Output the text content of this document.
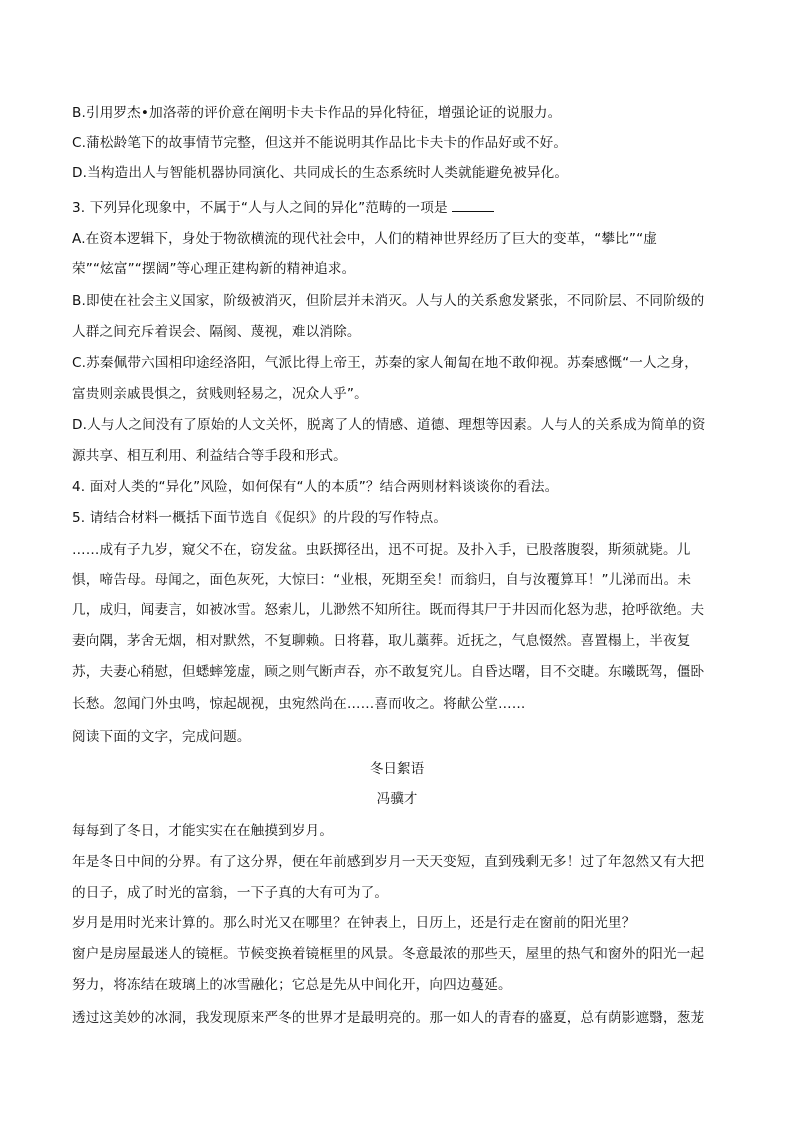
B.引用罗杰•加洛蒂的评价意在阐明卡夫卡作品的异化特征，增强论证的说服力。

C.蒲松龄笔下的故事情节完整，但这并不能说明其作品比卡夫卡的作品好或不好。

D.当构造出人与智能机器协同演化、共同成长的生态系统时人类就能避免被异化。

3. 下列异化现象中，不属于“人与人之间的异化”范畴的一项是

A.在资本逻辑下，身处于物欲横流的现代社会中，人们的精神世界经历了巨大的变革，“攀比”“虚

荣”“炫富”“摆阔”等心理正建构新的精神追求。

B.即使在社会主义国家，阶级被消灭，但阶层并未消灭。人与人的关系愈发紧张，不同阶层、不同阶级的

人群之间充斥着误会、隔阂、蔑视，难以消除。

C.苏秦佩带六国相印途经洛阳，气派比得上帝王，苏秦的家人匍匐在地不敢仰视。苏秦感慨“一人之身，

富贵则亲戚畏惧之，贫贱则轻易之，况众人乎”。

D.人与人之间没有了原始的人文关怀，脱离了人的情感、道德、理想等因素。人与人的关系成为简单的资

源共享、相互利用、利益结合等手段和形式。

4. 面对人类的“异化”风险，如何保有“人的本质”？结合两则材料谈谈你的看法。

5. 请结合材料一概括下面节选自《促织》的片段的写作特点。

……成有子九岁，窥父不在，窃发盆。虫跃掷径出，迅不可捉。及扑入手，已股落腹裂，斯须就毙。儿

惧，啼告母。母闻之，面色灰死，大惊曰：“业根，死期至矣！而翁归，自与汝覆算耳！”儿涕而出。未

几，成归，闻妻言，如被冰雪。怒索儿，儿渺然不知所往。既而得其尸于井因而化怒为悲，抢呼欲绝。夫

妻向隅，茅舍无烟，相对默然，不复聊赖。日将暮，取儿藁葬。近抚之，气息惙然。喜置榻上，半夜复

苏，夫妻心稍慰，但蟋蟀笼虚，顾之则气断声吞，亦不敢复究儿。自昏达曙，目不交睫。东曦既驾，僵卧

长愁。忽闻门外虫鸣，惊起觇视，虫宛然尚在……喜而收之。将献公堂……

阅读下面的文字，完成问题。

冬日絮语

冯骥才

每每到了冬日，才能实实在在触摸到岁月。

年是冬日中间的分界。有了这分界，便在年前感到岁月一天天变短，直到残剩无多！过了年忽然又有大把

的日子，成了时光的富翁，一下子真的大有可为了。

岁月是用时光来计算的。那么时光又在哪里？在钟表上，日历上，还是行走在窗前的阳光里？

窗户是房屋最迷人的镜框。节候变换着镜框里的风景。冬意最浓的那些天，屋里的热气和窗外的阳光一起

努力，将冻结在玻璃上的冰雪融化；它总是先从中间化开，向四边蔓延。

透过这美妙的冰洞，我发现原来严冬的世界才是最明亮的。那一如人的青春的盛夏，总有荫影遮翳，葱茏
